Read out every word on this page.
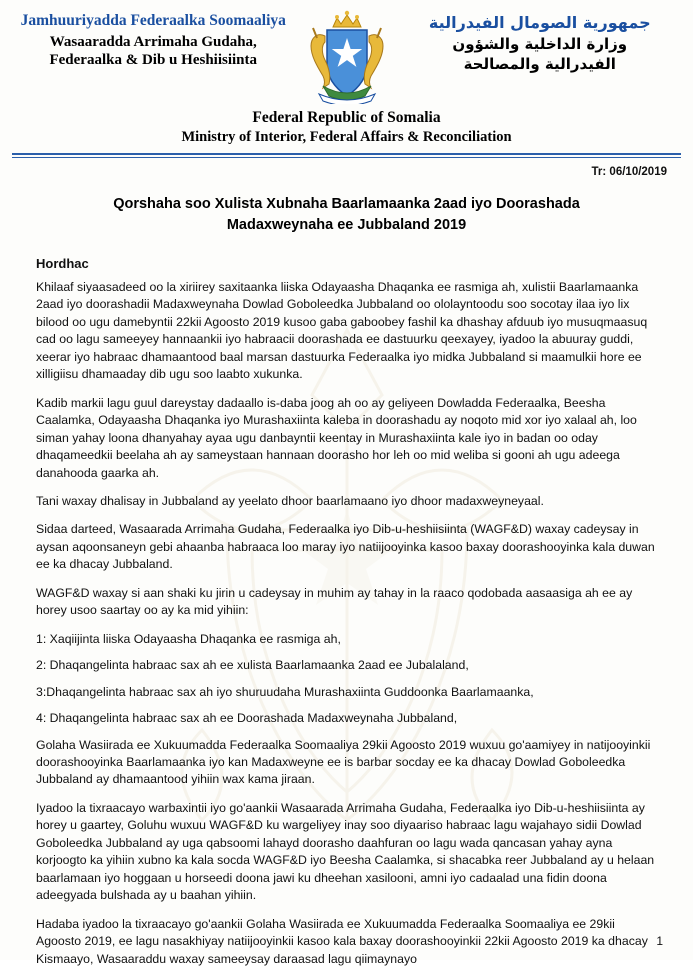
Jamhuuriyadda Federaalka Soomaaliya
Wasaaradda Arrimaha Gudaha,
Federaalka & Dib u Heshiisiinta
جمهورية الصومال الفيدرالية
وزارة الداخلية والشؤون
الفيدرالية والمصالحة
Federal Republic of Somalia
Ministry of Interior, Federal Affairs & Reconciliation
Tr: 06/10/2019
Qorshaha soo Xulista Xubnaha Baarlamaanka 2aad iyo Doorashada
Madaxweynaha ee Jubbaland 2019
Hordhac

Khilaaf siyaasadeed oo la xiriirey saxitaanka liiska Odayaasha Dhaqanka ee rasmiga ah, xulistii Baarlamaanka 2aad iyo doorashadii Madaxweynaha Dowlad Goboleedka Jubbaland oo ololayntoodu soo socotay ilaa iyo lix bilood oo ugu damebyntii 22kii Agoosto 2019 kusoo gaba gaboobey fashil ka dhashay afduub iyo musuqmaasuq cad oo lagu sameeyey hannaankii iyo habraacii doorashada ee dastuurku qeexayey, iyadoo la abuuray guddi, xeerar iyo habraac dhamaantood baal marsan dastuurka Federaalka iyo midka Jubbaland si maamulkii hore ee xilligiisu dhamaaday dib ugu soo laabto xukunka.

Kadib markii lagu guul dareystay dadaallo is-daba joog ah oo ay geliyeen Dowladda Federaalka, Beesha Caalamka, Odayaasha Dhaqanka iyo Murashaxiinta kaleba in doorashadu ay noqoto mid xor iyo xalaal ah, loo siman yahay loona dhanyahay ayaa ugu danbayntii keentay in Murashaxiinta kale iyo in badan oo oday dhaqameedkii beelaha ah ay sameystaan hannaan doorasho hor leh oo mid weliba si gooni ah ugu adeega danahooda gaarka ah.

Tani waxay dhalisay in Jubbaland ay yeelato dhoor baarlamaano iyo dhoor madaxweyneyaal.

Sidaa darteed, Wasaarada Arrimaha Gudaha, Federaalka iyo Dib-u-heshiisiinta (WAGF&D) waxay cadeysay in aysan aqoonsaneyn gebi ahaanba habraaca loo maray iyo natiijooyinka kasoo baxay doorashooyinka kala duwan ee ka dhacay Jubbaland.

WAGF&D waxay si aan shaki ku jirin u cadeysay in muhim ay tahay in la raaco qodobada aasaasiga ah ee ay horey usoo saartay oo ay ka mid yihiin:

1: Xaqiijinta liiska Odayaasha Dhaqanka ee rasmiga ah,
2: Dhaqangelinta habraac sax ah ee xulista Baarlamaanka 2aad ee Jubalaland,
3:Dhaqangelinta habraac sax ah iyo shuruudaha Murashaxiinta Guddoonka Baarlamaanka,
4: Dhaqangelinta habraac sax ah ee Doorashada Madaxweynaha Jubbaland,

Golaha Wasiirada ee Xukuumadda Federaalka Soomaaliya 29kii Agoosto 2019 wuxuu go'aamiyey in natijooyinkii doorashooyinka Baarlamaanka iyo kan Madaxweyne ee is barbar socday ee ka dhacay Dowlad Goboleedka Jubbaland ay dhamaantood yihiin wax kama jiraan.

Iyadoo la tixraacayo warbaxintii iyo go'aankii Wasaarada Arrimaha Gudaha, Federaalka iyo Dib-u-heshiisiinta ay horey u gaartey, Goluhu wuxuu WAGF&D ku wargeliyey inay soo diyaariso habraac lagu wajahayo sidii Dowlad Goboleedka Jubbaland ay uga qabsoomi lahayd doorasho daahfuran oo lagu wada qancasan yahay ayna korjoogto ka yihiin xubno ka kala socda WAGF&D iyo Beesha Caalamka, si shacabka reer Jubbaland ay u helaan baarlamaan iyo hoggaan u horseedi doona jawi ku dheehan xasilooni, amni iyo cadaalad una fidin doona adeegyada bulshada ay u baahan yihiin.

Hadaba iyadoo la tixraacayo go'aankii Golaha Wasiirada ee Xukuumadda Federaalka Soomaaliya ee 29kii Agoosto 2019, ee lagu nasakhiyay natiijooyinkii kasoo kala baxay doorashooyinkii 22kii Agoosto 2019 ka dhacay Kismaayo, Wasaaraddu waxay sameeysay daraasad lagu qiimaynayo

1
